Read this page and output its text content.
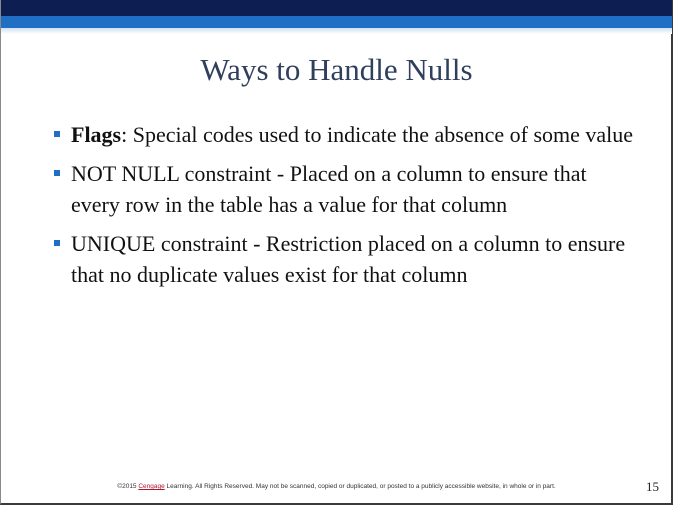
Ways to Handle Nulls
Flags: Special codes used to indicate the absence of some value
NOT NULL constraint - Placed on a column to ensure that every row in the table has a value for that column
UNIQUE constraint - Restriction placed on a column to ensure that no duplicate values exist for that column
©2015 Cengage Learning. All Rights Reserved. May not be scanned, copied or duplicated, or posted to a publicly accessible website, in whole or in part.	15
